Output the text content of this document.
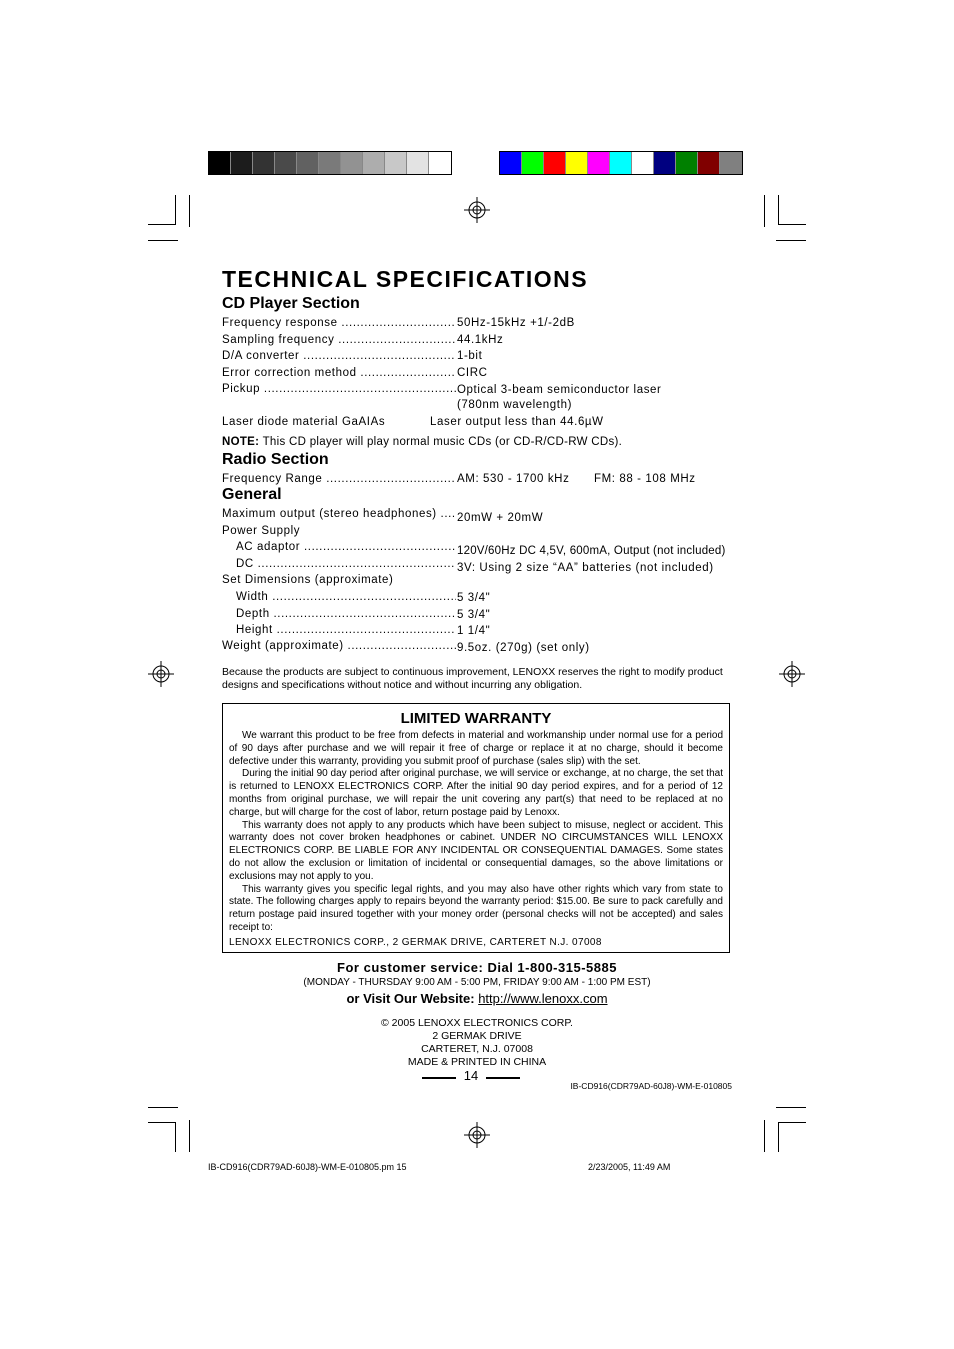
TECHNICAL SPECIFICATIONS
CD Player Section
Frequency response .....	50Hz-15kHz +1/-2dB
Sampling frequency .....	44.1kHz
D/A converter .....	1-bit
Error correction method .....	CIRC
Pickup .....	Optical 3-beam semiconductor laser
(780nm wavelength)
Laser diode material GaAIAs	Laser output less than 44.6µW
NOTE: This CD player will play normal music CDs (or CD-R/CD-RW CDs).
Radio Section
Frequency Range .....	AM: 530 - 1700 kHz FM: 88 - 108 MHz
General
Maximum output (stereo headphones) .....	20mW + 20mW
Power Supply
AC adaptor .....	120V/60Hz DC 4,5V, 600mA, Output (not included)
DC .....	3V: Using 2 size “AA” batteries (not included)
Set Dimensions (approximate)
Width .....	5 3/4"
Depth .....	5 3/4"
Height .....	1 1/4"
Weight (approximate) .....	9.5oz. (270g) (set only)
Because the products are subject to continuous improvement, LENOXX reserves the right to modify product designs and specifications without notice and without incurring any obligation.
LIMITED WARRANTY

We warrant this product to be free from defects in material and workmanship under normal use for a period of 90 days after purchase and we will repair it free of charge or replace it at no charge, should it become defective under this warranty, providing you submit proof of purchase (sales slip) with the set.

During the initial 90 day period after original purchase, we will service or exchange, at no charge, the set that is returned to LENOXX ELECTRONICS CORP. After the initial 90 day period expires, and for a period of 12 months from original purchase, we will repair the unit covering any part(s) that need to be replaced at no charge, but will charge for the cost of labor, return postage paid by Lenoxx.

This warranty does not apply to any products which have been subject to misuse, neglect or accident. This warranty does not cover broken headphones or cabinet. UNDER NO CIRCUMSTANCES WILL LENOXX ELECTRONICS CORP. BE LIABLE FOR ANY INCIDENTAL OR CONSEQUENTIAL DAMAGES. Some states do not allow the exclusion or limitation of incidental or consequential damages, so the above limitations or exclusions may not apply to you.

This warranty gives you specific legal rights, and you may also have other rights which vary from state to state. The following charges apply to repairs beyond the warranty period: $15.00. Be sure to pack carefully and return postage paid insured together with your money order (personal checks will not be accepted) and sales receipt to:

LENOXX ELECTRONICS CORP., 2 GERMAK DRIVE, CARTERET N.J. 07008
For customer service: Dial 1-800-315-5885
(MONDAY - THURSDAY 9:00 AM - 5:00 PM, FRIDAY 9:00 AM - 1:00 PM EST)
or Visit Our Website: http://www.lenoxx.com
© 2005 LENOXX ELECTRONICS CORP.
2 GERMAK DRIVE
CARTERET, N.J. 07008
MADE & PRINTED IN CHINA
14
IB-CD916(CDR79AD-60J8)-WM-E-010805
IB-CD916(CDR79AD-60J8)-WM-E-010805.pm 15	2/23/2005, 11:49 AM
